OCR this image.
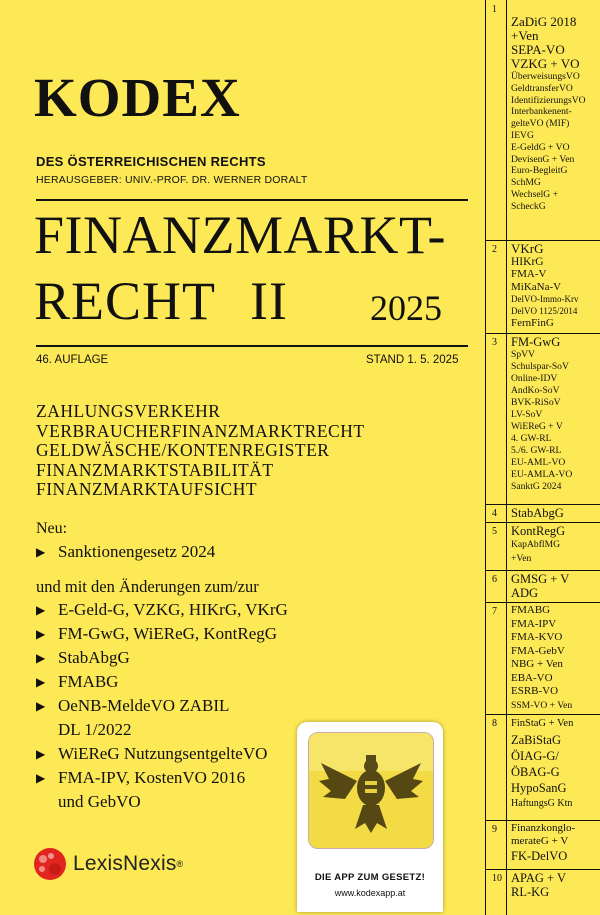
KODEX
DES ÖSTERREICHISCHEN RECHTS
HERAUSGEBER: UNIV.-PROF. DR. WERNER DORALT
FINANZMARKT-
RECHT II 2025
46. AUFLAGE	STAND 1. 5. 2025
ZAHLUNGSVERKEHR
VERBRAUCHERFINANZMARKTRECHT
GELDWÄSCHE/KONTENREGISTER
FINANZMARKTSTABILITÄT
FINANZMARKTAUFSICHT
Neu:
▶ Sanktionengesetz 2024
und mit den Änderungen zum/zur
▶ E-Geld-G, VZKG, HIKrG, VKrG
▶ FM-GwG, WiEReG, KontRegG
▶ StabAbgG
▶ FMABG
▶ OeNB-MeldeVO ZABIL
DL 1/2022
▶ WiEReG NutzungsentgelteVO
▶ FMA-IPV, KostenVO 2016
und GebVO
LexisNexis ®
DIE APP ZUM GESETZ!
www.kodexapp.at
1
ZaDiG 2018
+Ven
SEPA-VO
VZKG + VO
ÜberweisungsVO
GeldtransferVO
IdentifizierungsVO
Interbankenent-
gelteVO (MIF)
IEVG
E-GeldG + VO
DevisenG + Ven
Euro-BegleitG
SchMG
WechselG +
ScheckG
2 VKrG
HIKrG
FMA-V
MiKaNa-V
DelVO-Immo-Krv
DelVO 1125/2014
FernFinG
3 FM-GwG
SpVV
Schulspar-SoV
Online-IDV
AndKo-SoV
BVK-RiSoV
LV-SoV
WiEReG + V
4. GW-RL
5./6. GW-RL
EU-AML-VO
EU-AMLA-VO
SanktG 2024
4 StabAbgG
5 KontRegG
KapAbflMG
+Ven
6 GMSG + V
ADG
7 FMABG
FMA-IPV
FMA-KVO
FMA-GebV
NBG + Ven
EBA-VO
ESRB-VO
SSM-VO + Ven
8 FinStaG + Ven
ZaBiStaG
ÖIAG-G/
ÖBAG-G
HypoSanG
HaftungsG Ktn
9 Finanzkonglo-
merateG + V
FK-DelVO
10 APAG + V
RL-KG
